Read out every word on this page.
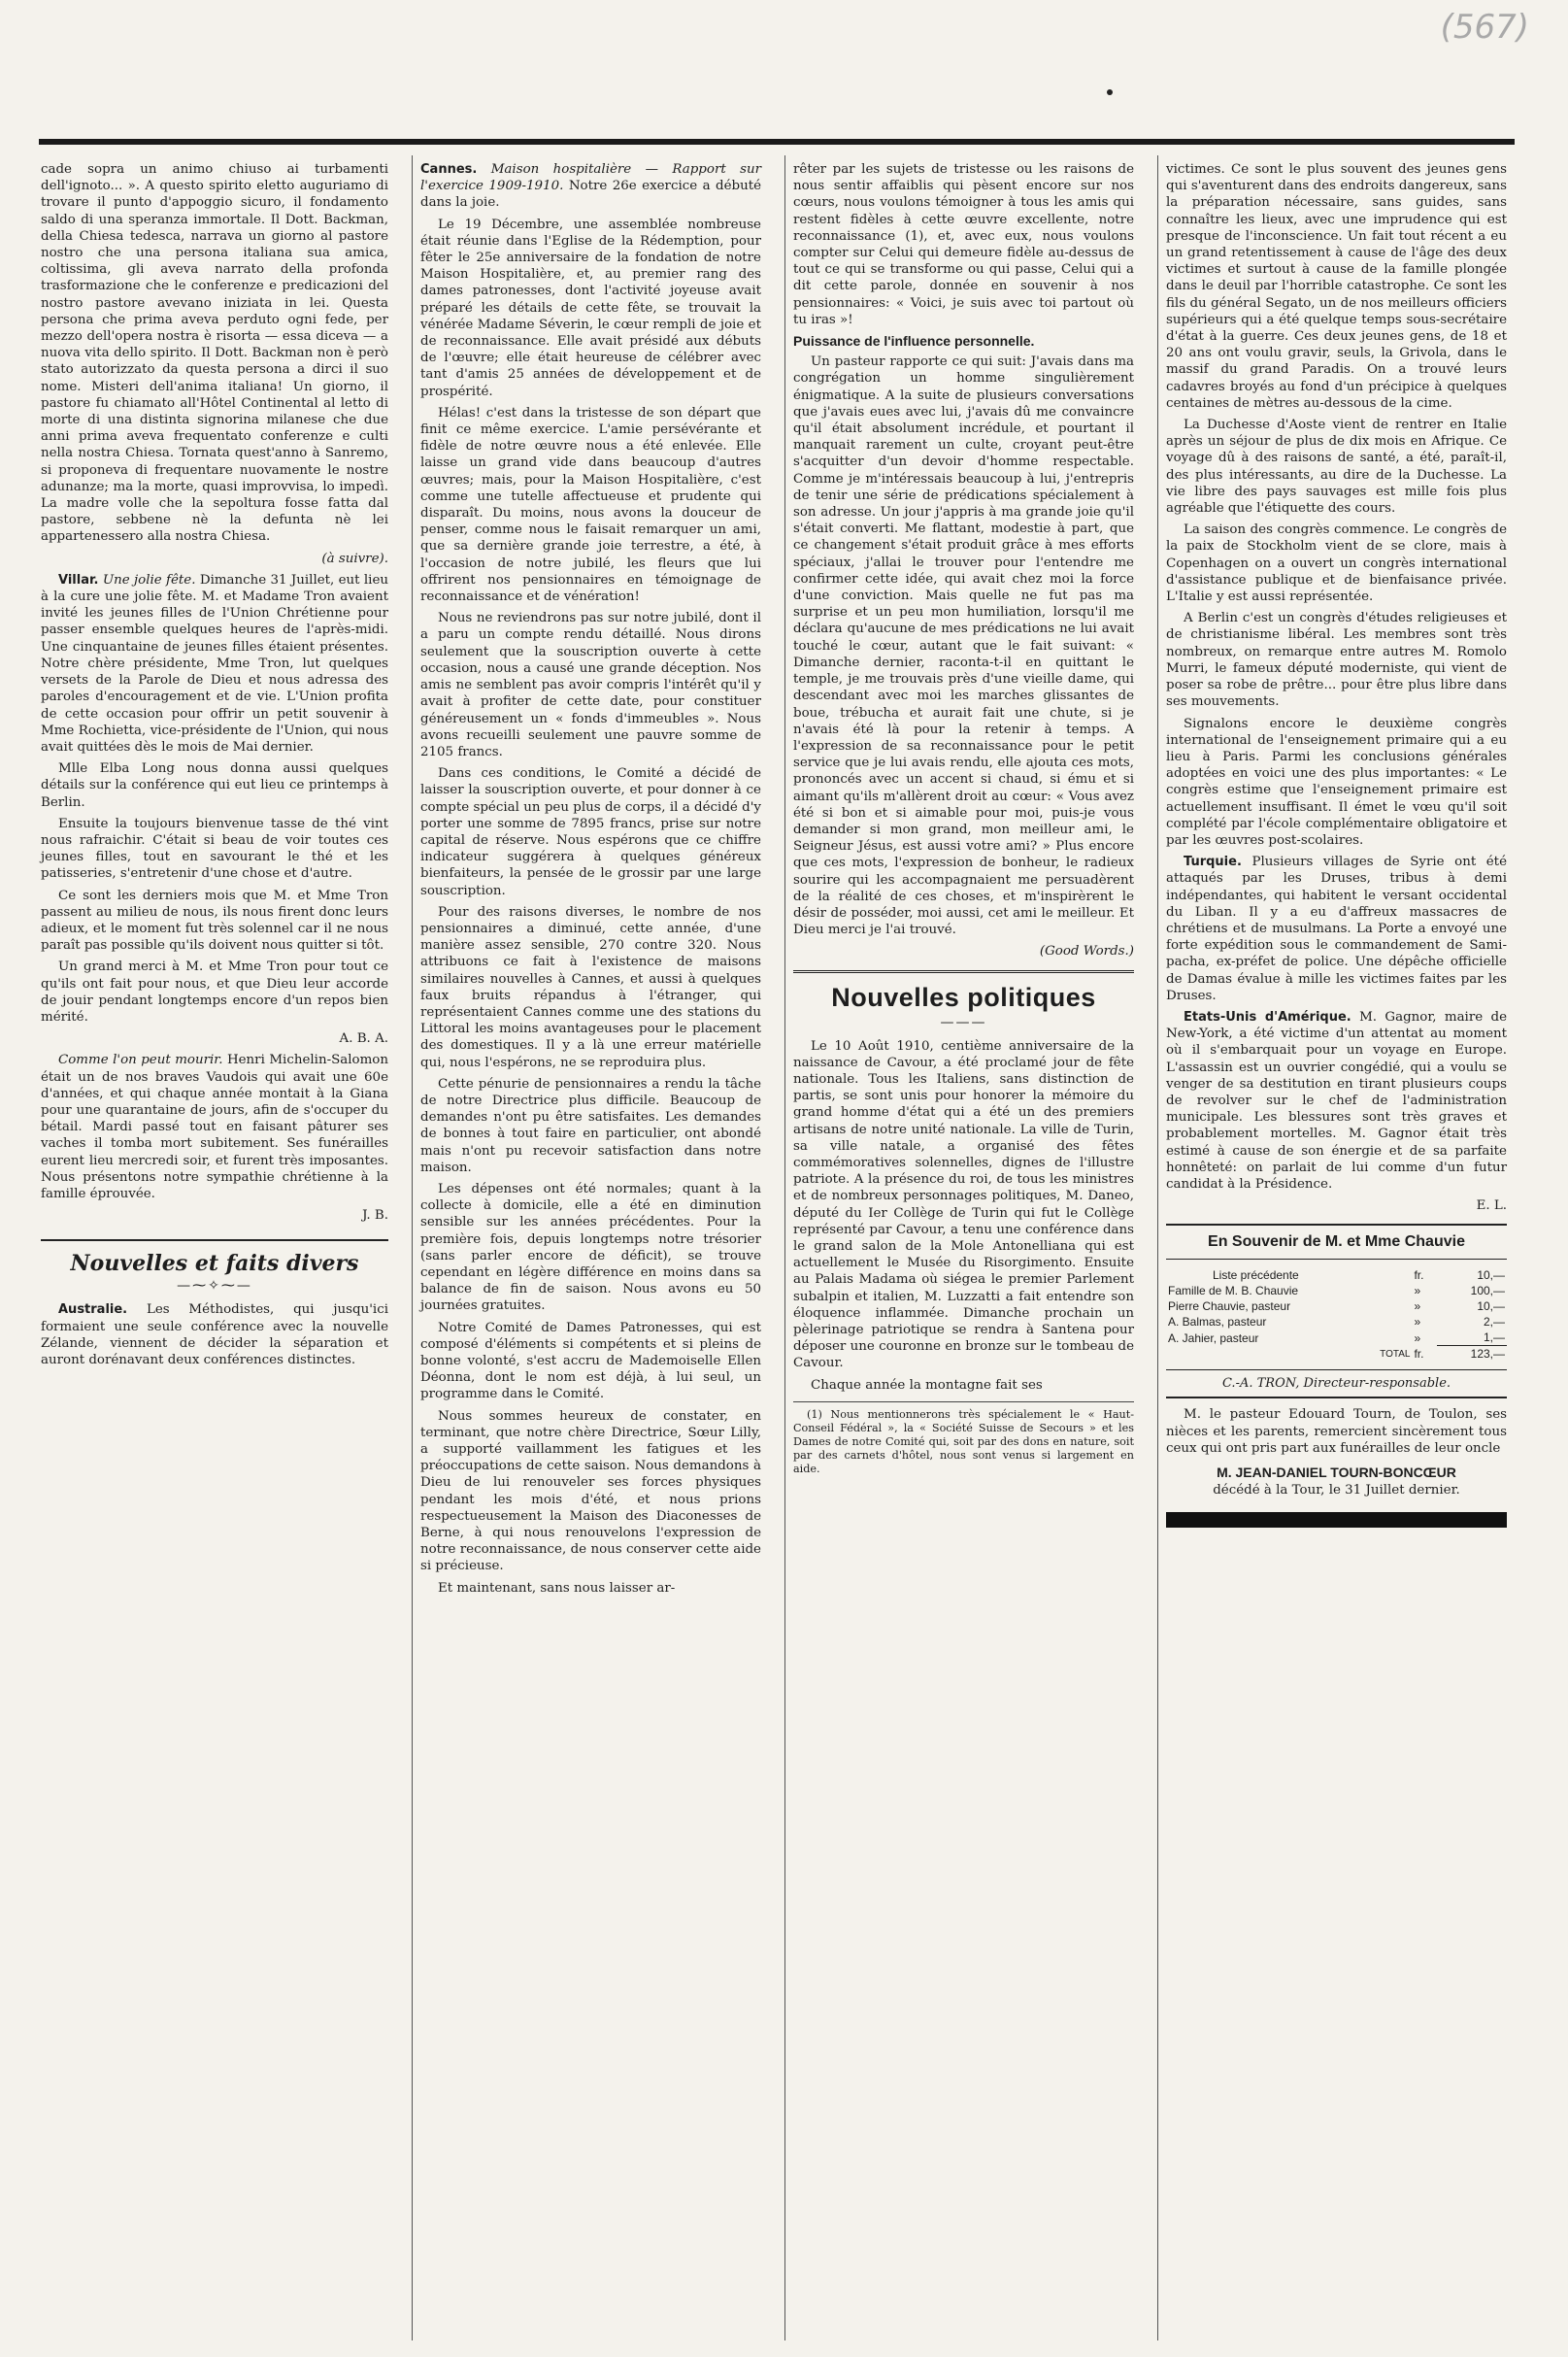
(567)

cade sopra un animo chiuso ai turbamenti dell'ignoto... ». A questo spirito eletto auguriamo di trovare il punto d'appoggio sicuro, il fondamento saldo di una speranza immortale. Il Dott. Backman, della Chiesa tedesca, narrava un giorno al pastore nostro che una persona italiana sua amica, coltissima, gli aveva narrato della profonda trasformazione che le conferenze e predicazioni del nostro pastore avevano iniziata in lei. Questa persona che prima aveva perduto ogni fede, per mezzo dell'opera nostra è risorta — essa diceva — a nuova vita dello spirito. Il Dott. Backman non è però stato autorizzato da questa persona a dirci il suo nome. Misteri dell'anima italiana! Un giorno, il pastore fu chiamato all'Hôtel Continental al letto di morte di una distinta signorina milanese che due anni prima aveva frequentato conferenze e culti nella nostra Chiesa. Tornata quest'anno à Sanremo, si proponeva di frequentare nuovamente le nostre adunanze; ma la morte, quasi improvvisa, lo impedì. La madre volle che la sepoltura fosse fatta dal pastore, sebbene nè la defunta nè lei appartenessero alla nostra Chiesa.

(à suivre).

Villar. Une jolie fête. Dimanche 31 Juillet, eut lieu à la cure une jolie fête. M. et Madame Tron avaient invité les jeunes filles de l'Union Chrétienne pour passer ensemble quelques heures de l'après-midi. Une cinquantaine de jeunes filles étaient présentes. Notre chère présidente, Mme Tron, lut quelques versets de la Parole de Dieu et nous adressa des paroles d'encouragement et de vie. L'Union profita de cette occasion pour offrir un petit souvenir à Mme Rochietta, vice-présidente de l'Union, qui nous avait quittées dès le mois de Mai dernier.

Mlle Elba Long nous donna aussi quelques détails sur la conférence qui eut lieu ce printemps à Berlin.

Ensuite la toujours bienvenue tasse de thé vint nous rafraichir. C'était si beau de voir toutes ces jeunes filles, tout en savourant le thé et les patisseries, s'entretenir d'une chose et d'autre.

Ce sont les derniers mois que M. et Mme Tron passent au milieu de nous, ils nous firent donc leurs adieux, et le moment fut très solennel car il ne nous paraît pas possible qu'ils doivent nous quitter si tôt.

Un grand merci à M. et Mme Tron pour tout ce qu'ils ont fait pour nous, et que Dieu leur accorde de jouir pendant longtemps encore d'un repos bien mérité.

A. B. A.

Comme l'on peut mourir. Henri Michelin-Salomon était un de nos braves Vaudois qui avait une 60e d'années, et qui chaque année montait à la Giana pour une quarantaine de jours, afin de s'occuper du bétail. Mardi passé tout en faisant pâturer ses vaches il tomba mort subitement. Ses funérailles eurent lieu mercredi soir, et furent très imposantes. Nous présentons notre sympathie chrétienne à la famille éprouvée.

J. B.

Nouvelles et faits divers
—⁓✧⁓—

Australie. Les Méthodistes, qui jusqu'ici formaient une seule conférence avec la nouvelle Zélande, viennent de décider la séparation et auront dorénavant deux conférences distinctes.

Cannes. Maison hospitalière — Rapport sur l'exercice 1909-1910. Notre 26e exercice a débuté dans la joie.

Le 19 Décembre, une assemblée nombreuse était réunie dans l'Eglise de la Rédemption, pour fêter le 25e anniversaire de la fondation de notre Maison Hospitalière, et, au premier rang des dames patronesses, dont l'activité joyeuse avait préparé les détails de cette fête, se trouvait la vénérée Madame Séverin, le cœur rempli de joie et de reconnaissance. Elle avait présidé aux débuts de l'œuvre; elle était heureuse de célébrer avec tant d'amis 25 années de développement et de prospérité.

Hélas! c'est dans la tristesse de son départ que finit ce même exercice. L'amie persévérante et fidèle de notre œuvre nous a été enlevée. Elle laisse un grand vide dans beaucoup d'autres œuvres; mais, pour la Maison Hospitalière, c'est comme une tutelle affectueuse et prudente qui disparaît. Du moins, nous avons la douceur de penser, comme nous le faisait remarquer un ami, que sa dernière grande joie terrestre, a été, à l'occasion de notre jubilé, les fleurs que lui offrirent nos pensionnaires en témoignage de reconnaissance et de vénération!

Nous ne reviendrons pas sur notre jubilé, dont il a paru un compte rendu détaillé. Nous dirons seulement que la souscription ouverte à cette occasion, nous a causé une grande déception. Nos amis ne semblent pas avoir compris l'intérêt qu'il y avait à profiter de cette date, pour constituer généreusement un « fonds d'immeubles ». Nous avons recueilli seulement une pauvre somme de 2105 francs.

Dans ces conditions, le Comité a décidé de laisser la souscription ouverte, et pour donner à ce compte spécial un peu plus de corps, il a décidé d'y porter une somme de 7895 francs, prise sur notre capital de réserve. Nous espérons que ce chiffre indicateur suggérera à quelques généreux bienfaiteurs, la pensée de le grossir par une large souscription.

Pour des raisons diverses, le nombre de nos pensionnaires a diminué, cette année, d'une manière assez sensible, 270 contre 320. Nous attribuons ce fait à l'existence de maisons similaires nouvelles à Cannes, et aussi à quelques faux bruits répandus à l'étranger, qui représentaient Cannes comme une des stations du Littoral les moins avantageuses pour le placement des domestiques. Il y a là une erreur matérielle qui, nous l'espérons, ne se reproduira plus.

Cette pénurie de pensionnaires a rendu la tâche de notre Directrice plus difficile. Beaucoup de demandes n'ont pu être satisfaites. Les demandes de bonnes à tout faire en particulier, ont abondé mais n'ont pu recevoir satisfaction dans notre maison.

Les dépenses ont été normales; quant à la collecte à domicile, elle a été en diminution sensible sur les années précédentes. Pour la première fois, depuis longtemps notre trésorier (sans parler encore de déficit), se trouve cependant en légère différence en moins dans sa balance de fin de saison. Nous avons eu 50 journées gratuites.

Notre Comité de Dames Patronesses, qui est composé d'éléments si compétents et si pleins de bonne volonté, s'est accru de Mademoiselle Ellen Déonna, dont le nom est déjà, à lui seul, un programme dans le Comité.

Nous sommes heureux de constater, en terminant, que notre chère Directrice, Sœur Lilly, a supporté vaillamment les fatigues et les préoccupations de cette saison. Nous demandons à Dieu de lui renouveler ses forces physiques pendant les mois d'été, et nous prions respectueusement la Maison des Diaconesses de Berne, à qui nous renouvelons l'expression de notre reconnaissance, de nous conserver cette aide si précieuse.

Et maintenant, sans nous laisser ar-

rêter par les sujets de tristesse ou les raisons de nous sentir affaiblis qui pèsent encore sur nos cœurs, nous voulons témoigner à tous les amis qui restent fidèles à cette œuvre excellente, notre reconnaissance (1), et, avec eux, nous voulons compter sur Celui qui demeure fidèle au-dessus de tout ce qui se transforme ou qui passe, Celui qui a dit cette parole, donnée en souvenir à nos pensionnaires: « Voici, je suis avec toi partout où tu iras »!

Puissance de l'influence personnelle.

Un pasteur rapporte ce qui suit: J'avais dans ma congrégation un homme singulièrement énigmatique. A la suite de plusieurs conversations que j'avais eues avec lui, j'avais dû me convaincre qu'il était absolument incrédule, et pourtant il manquait rarement un culte, croyant peut-être s'acquitter d'un devoir d'homme respectable. Comme je m'intéressais beaucoup à lui, j'entrepris de tenir une série de prédications spécialement à son adresse. Un jour j'appris à ma grande joie qu'il s'était converti. Me flattant, modestie à part, que ce changement s'était produit grâce à mes efforts spéciaux, j'allai le trouver pour l'entendre me confirmer cette idée, qui avait chez moi la force d'une conviction. Mais quelle ne fut pas ma surprise et un peu mon humiliation, lorsqu'il me déclara qu'aucune de mes prédications ne lui avait touché le cœur, autant que le fait suivant: « Dimanche dernier, raconta-t-il en quittant le temple, je me trouvais près d'une vieille dame, qui descendant avec moi les marches glissantes de boue, trébucha et aurait fait une chute, si je n'avais été là pour la retenir à temps. A l'expression de sa reconnaissance pour le petit service que je lui avais rendu, elle ajouta ces mots, prononcés avec un accent si chaud, si ému et si aimant qu'ils m'allèrent droit au cœur: « Vous avez été si bon et si aimable pour moi, puis-je vous demander si mon grand, mon meilleur ami, le Seigneur Jésus, est aussi votre ami? » Plus encore que ces mots, l'expression de bonheur, le radieux sourire qui les accompagnaient me persuadèrent de la réalité de ces choses, et m'inspirèrent le désir de posséder, moi aussi, cet ami le meilleur. Et Dieu merci je l'ai trouvé.

(Good Words.)

Nouvelles politiques
———

Le 10 Août 1910, centième anniversaire de la naissance de Cavour, a été proclamé jour de fête nationale. Tous les Italiens, sans distinction de partis, se sont unis pour honorer la mémoire du grand homme d'état qui a été un des premiers artisans de notre unité nationale. La ville de Turin, sa ville natale, a organisé des fêtes commémoratives solennelles, dignes de l'illustre patriote. A la présence du roi, de tous les ministres et de nombreux personnages politiques, M. Daneo, député du Ier Collège de Turin qui fut le Collège représenté par Cavour, a tenu une conférence dans le grand salon de la Mole Antonelliana qui est actuellement le Musée du Risorgimento. Ensuite au Palais Madama où siégea le premier Parlement subalpin et italien, M. Luzzatti a fait entendre son éloquence inflammée. Dimanche prochain un pèlerinage patriotique se rendra à Santena pour déposer une couronne en bronze sur le tombeau de Cavour.

Chaque année la montagne fait ses

(1) Nous mentionnerons très spécialement le « Haut-Conseil Fédéral », la « Société Suisse de Secours » et les Dames de notre Comité qui, soit par des dons en nature, soit par des carnets d'hôtel, nous sont venus si largement en aide.

victimes. Ce sont le plus souvent des jeunes gens qui s'aventurent dans des endroits dangereux, sans la préparation nécessaire, sans guides, sans connaître les lieux, avec une imprudence qui est presque de l'inconscience. Un fait tout récent a eu un grand retentissement à cause de l'âge des deux victimes et surtout à cause de la famille plongée dans le deuil par l'horrible catastrophe. Ce sont les fils du général Segato, un de nos meilleurs officiers supérieurs qui a été quelque temps sous-secrétaire d'état à la guerre. Ces deux jeunes gens, de 18 et 20 ans ont voulu gravir, seuls, la Grivola, dans le massif du grand Paradis. On a trouvé leurs cadavres broyés au fond d'un précipice à quelques centaines de mètres au-dessous de la cime.

La Duchesse d'Aoste vient de rentrer en Italie après un séjour de plus de dix mois en Afrique. Ce voyage dû à des raisons de santé, a été, paraît-il, des plus intéressants, au dire de la Duchesse. La vie libre des pays sauvages est mille fois plus agréable que l'étiquette des cours.

La saison des congrès commence. Le congrès de la paix de Stockholm vient de se clore, mais à Copenhagen on a ouvert un congrès international d'assistance publique et de bienfaisance privée. L'Italie y est aussi représentée.

A Berlin c'est un congrès d'études religieuses et de christianisme libéral. Les membres sont très nombreux, on remarque entre autres M. Romolo Murri, le fameux député moderniste, qui vient de poser sa robe de prêtre... pour être plus libre dans ses mouvements.

Signalons encore le deuxième congrès international de l'enseignement primaire qui a eu lieu à Paris. Parmi les conclusions générales adoptées en voici une des plus importantes: « Le congrès estime que l'enseignement primaire est actuellement insuffisant. Il émet le vœu qu'il soit complété par l'école complémentaire obligatoire et par les œuvres post-scolaires.

Turquie. Plusieurs villages de Syrie ont été attaqués par les Druses, tribus à demi indépendantes, qui habitent le versant occidental du Liban. Il y a eu d'affreux massacres de chrétiens et de musulmans. La Porte a envoyé une forte expédition sous le commandement de Sami-pacha, ex-préfet de police. Une dépêche officielle de Damas évalue à mille les victimes faites par les Druses.

Etats-Unis d'Amérique. M. Gagnor, maire de New-York, a été victime d'un attentat au moment où il s'embarquait pour un voyage en Europe. L'assassin est un ouvrier congédié, qui a voulu se venger de sa destitution en tirant plusieurs coups de revolver sur le chef de l'administration municipale. Les blessures sont très graves et probablement mortelles. M. Gagnor était très estimé à cause de son énergie et de sa parfaite honnêteté: on parlait de lui comme d'un futur candidat à la Présidence.

E. L.

En Souvenir de M. et Mme Chauvie
Liste précédente	fr.	10,—
Famille de M. B. Chauvie	»	100,—
Pierre Chauvie, pasteur	»	10,—
A. Balmas, pasteur	»	2,—
A. Jahier, pasteur	»	1,—
TOTAL	fr.	123,—
C.-A. TRON, Directeur-responsable.

M. le pasteur Edouard Tourn, de Toulon, ses nièces et les parents, remercient sincèrement tous ceux qui ont pris part aux funérailles de leur oncle

M. JEAN-DANIEL TOURN-BONCŒUR

décédé à la Tour, le 31 Juillet dernier.
